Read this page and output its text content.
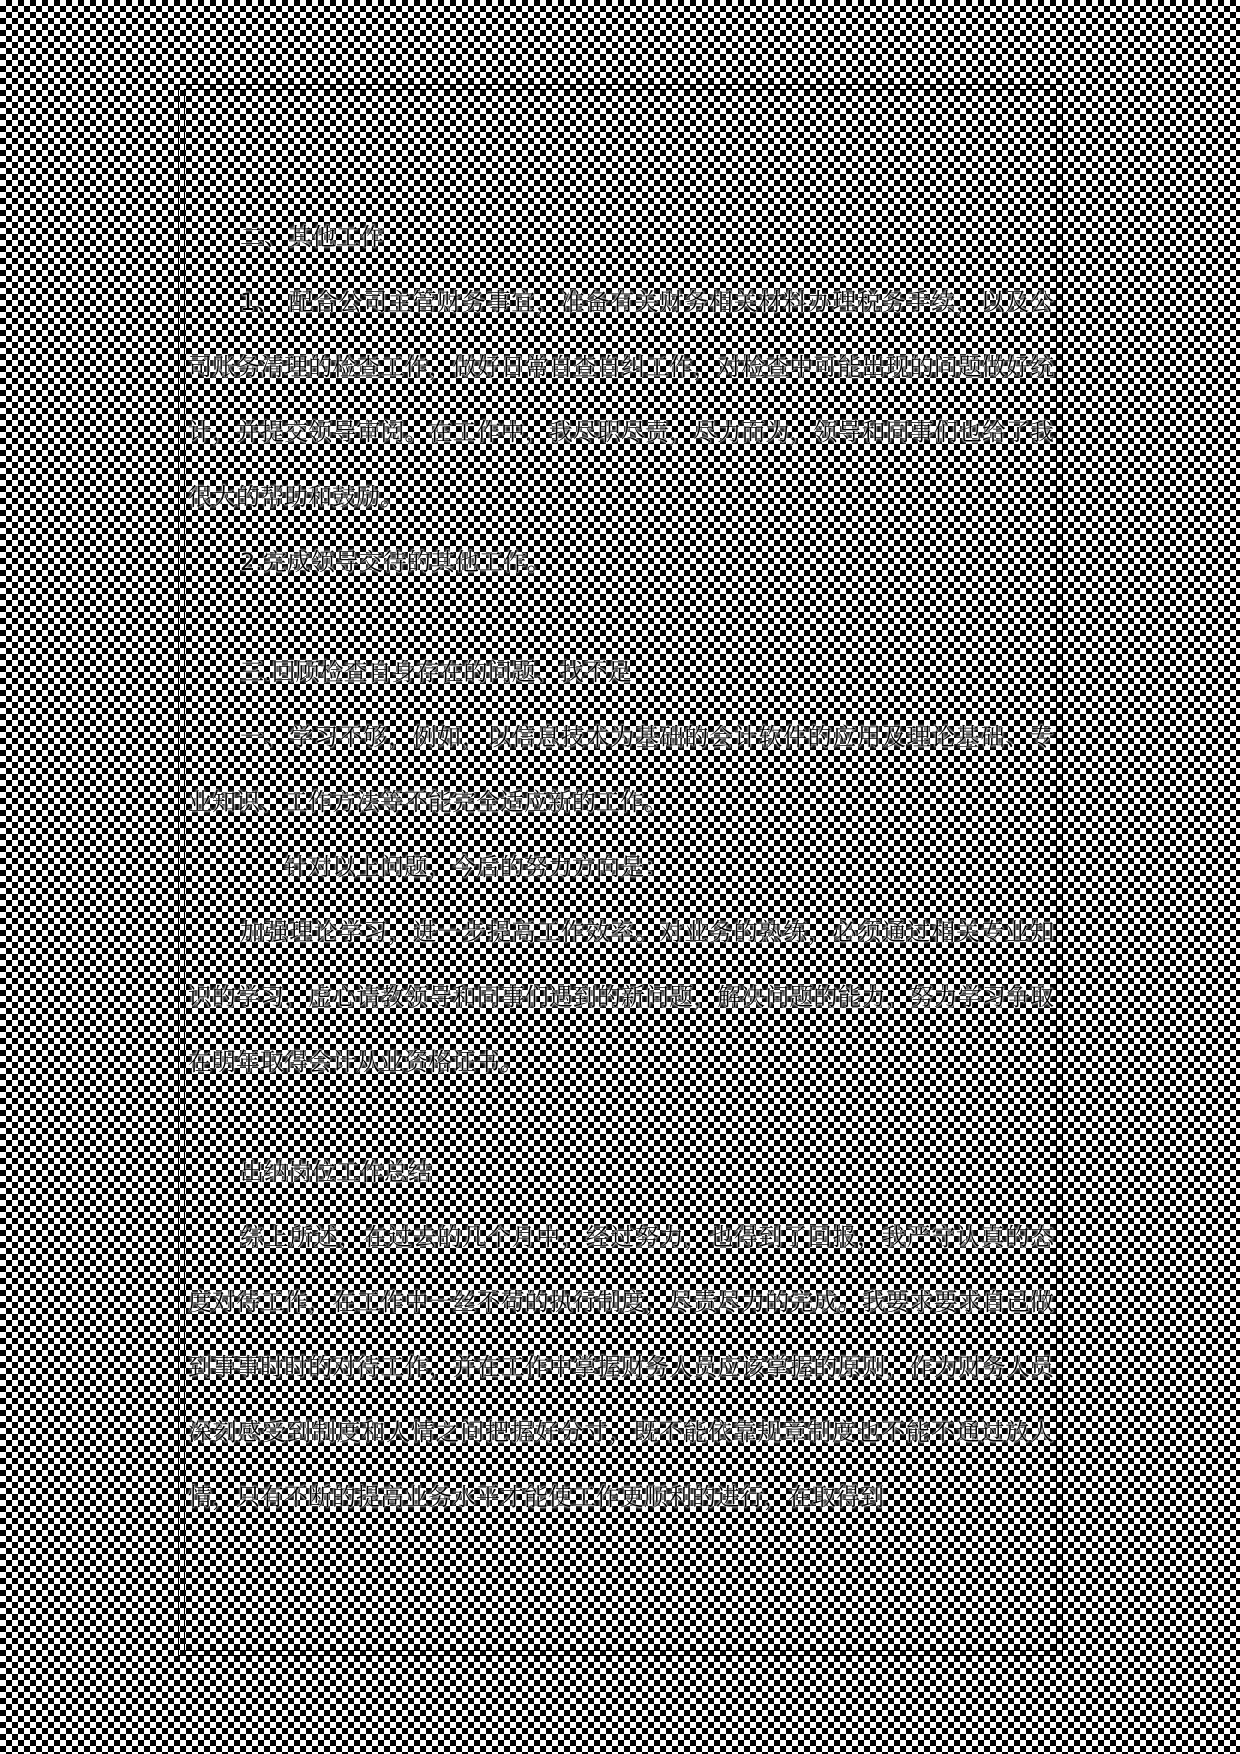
二、其他工作

1、 配合公司主管财务事宜，准备有关财务相关材料办理税务手续，以及公司账务清理的检查工作，做好日常自查自纠工作，对检查中可能出现的问题做好统计，并提交领导审阅。在工作中，我尽职尽责，尽力而为，领导和同事们也给了我很大的帮助和鼓励。

2.完成领导交待的其他工作。

三.回顾检查自身存在的问题、找不足

一、学习不够，例如，以信息技术为基础的会计软件的应用及理论基础、专业知识、工作方法等不能完全适应新的工作。

针对以上问题，今后的努力方向是：

加强理论学习，进一步提高工作效率。对业务的熟练，必须通过相关专业知识的学习，虚心请教领导和同事们遇到的新问题，解决问题的能力，努力学习争取在明年取得会计从业资格证书。

出纳岗位工作总结

综上所述，在过去的几个月中，经过努力，也得到了回报，我严守认真的态度对待工作，在工作中一丝不苟的执行制度，尽责尽力的完成。我要求要求自己做到事事时时的对待工作，并在工作中掌握财务人员应该掌握的原则，作为财务人员深刻感受到制度和人情之间把握好分寸，既不能依靠规章制度也不能不通过放人情，只有不断的提高业务水平才能使工作更顺利的进行，在取得到
